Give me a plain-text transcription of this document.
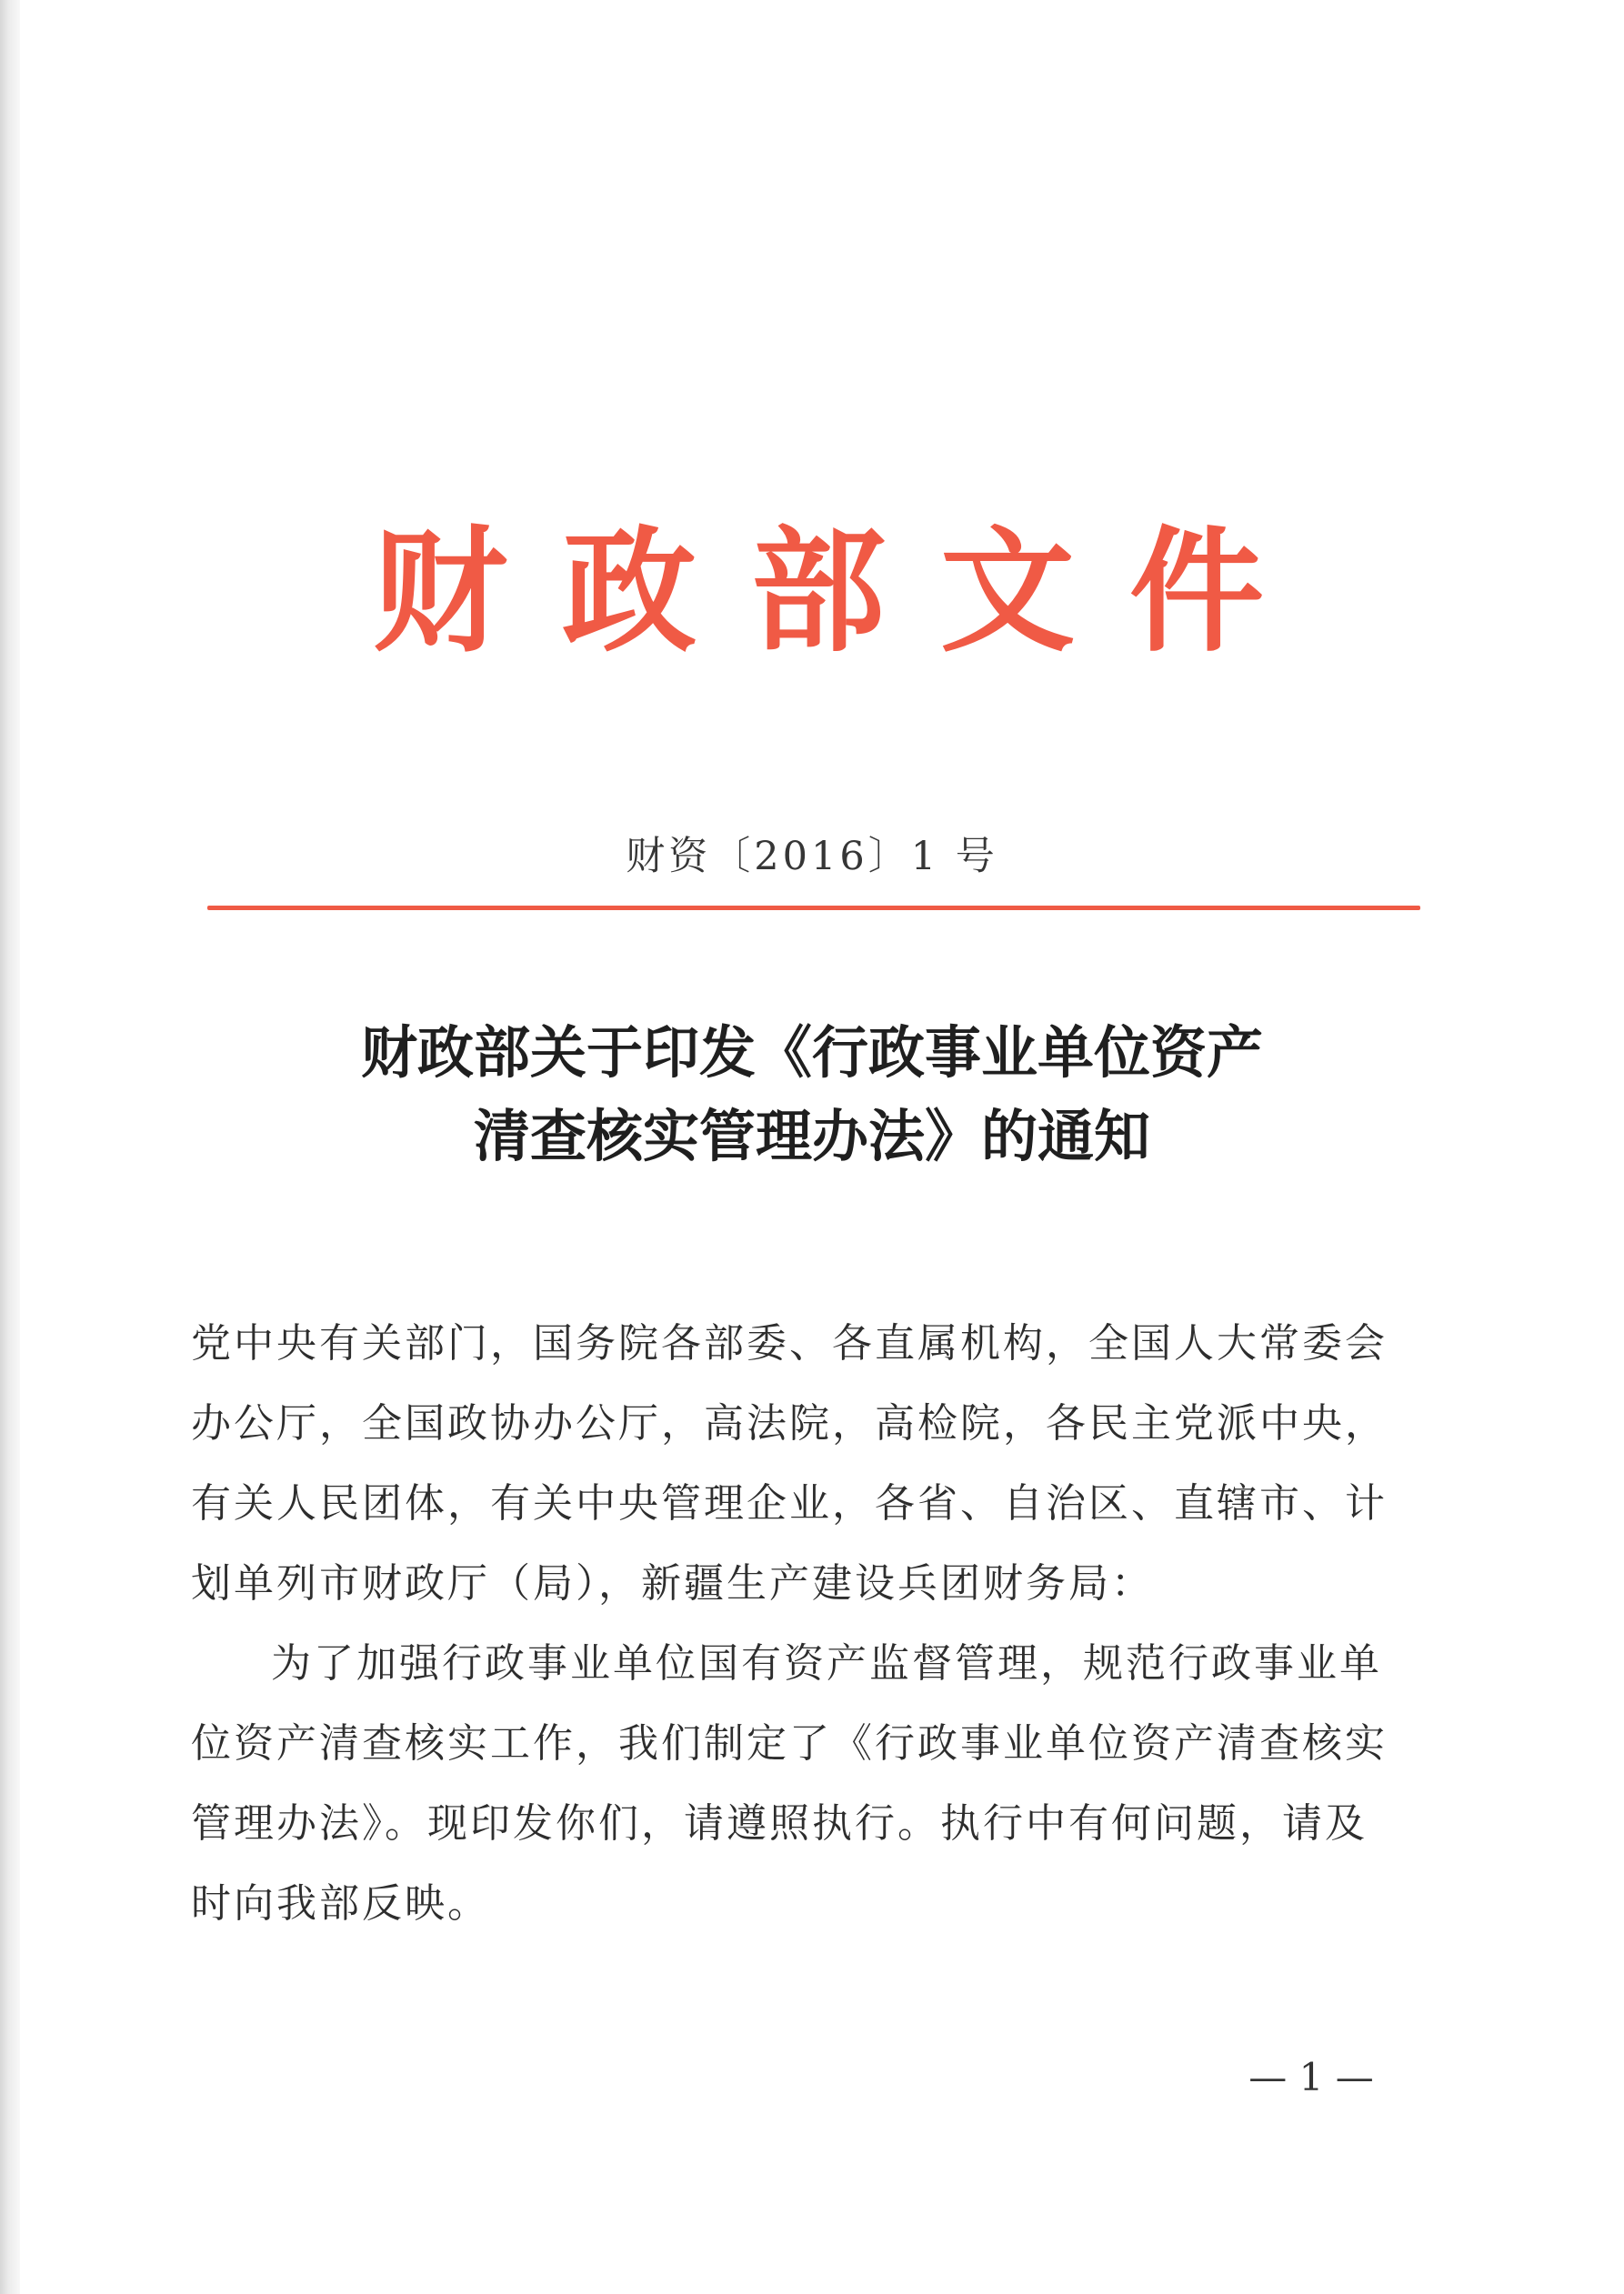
财 政 部 文 件
财资〔2016〕1 号
财政部关于印发《行政事业单位资产
清查核实管理办法》的通知
党中央有关部门，国务院各部委、各直属机构，全国人大常委会
办公厅，全国政协办公厅，高法院，高检院，各民主党派中央，
有关人民团体，有关中央管理企业，各省、自治区、直辖市、计
划单列市财政厅（局），新疆生产建设兵团财务局：
为了加强行政事业单位国有资产监督管理，规范行政事业单
位资产清查核实工作，我们制定了《行政事业单位资产清查核实
管理办法》。现印发你们，请遵照执行。执行中有何问题，请及
时向我部反映。
— 1 —
